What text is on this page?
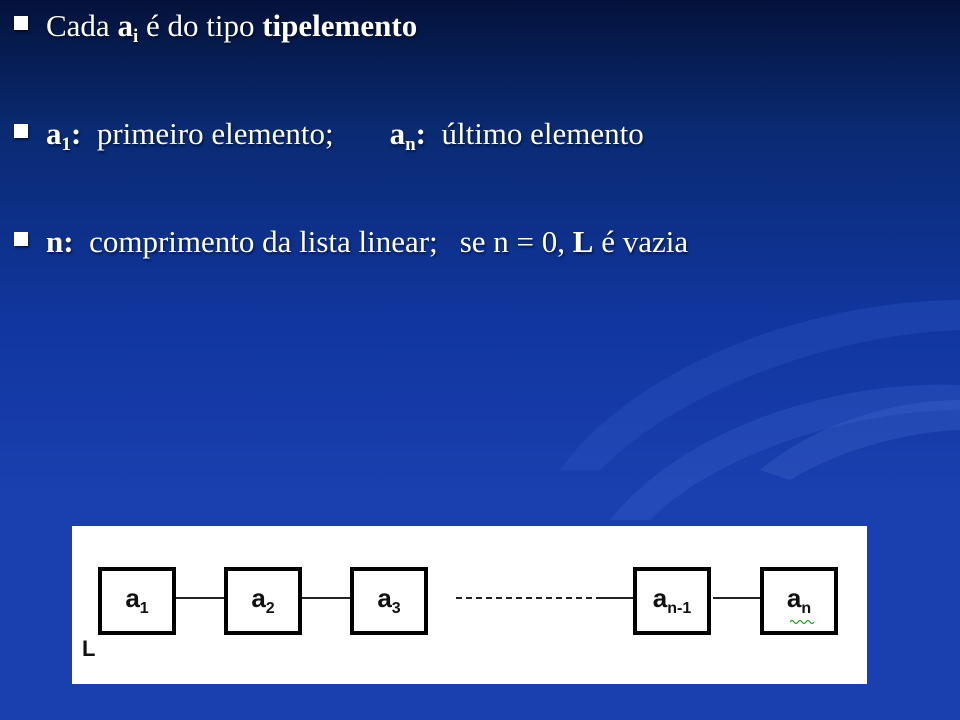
Cada $a_i$ é do tipo tipelemento
$a_1$:  primeiro elemento; $a_n$:  último elemento
n:  comprimento da lista linear; se n = 0, L é vazia
$a_1$	$a_2$	$a_3$	$a_{n-1}$	$a_n$
L
